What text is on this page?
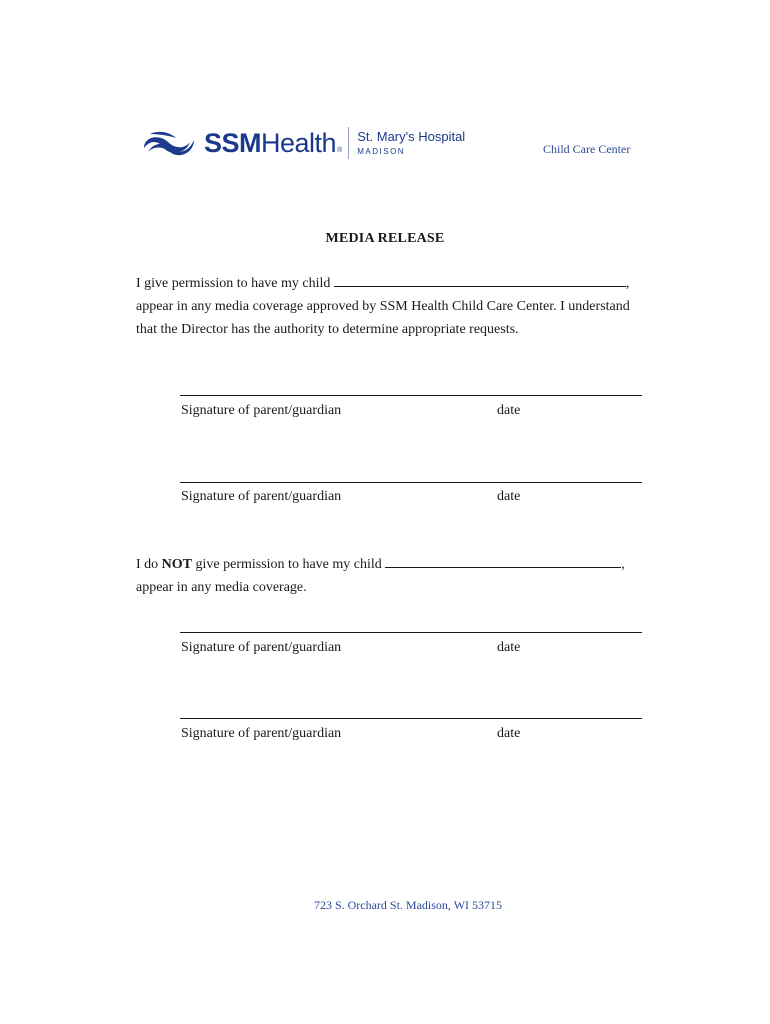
SSM Health ®
St. Mary's Hospital
MADISON	Child Care Center
MEDIA RELEASE
I give permission to have my child	,
appear in any media coverage approved by SSM Health Child Care Center. I understand
that the Director has the authority to determine appropriate requests.
Signature of parent/guardian	date
Signature of parent/guardian	date
I do NOT give permission to have my child	,
appear in any media coverage.
Signature of parent/guardian	date
Signature of parent/guardian	date
723 S. Orchard St. Madison, WI 53715
